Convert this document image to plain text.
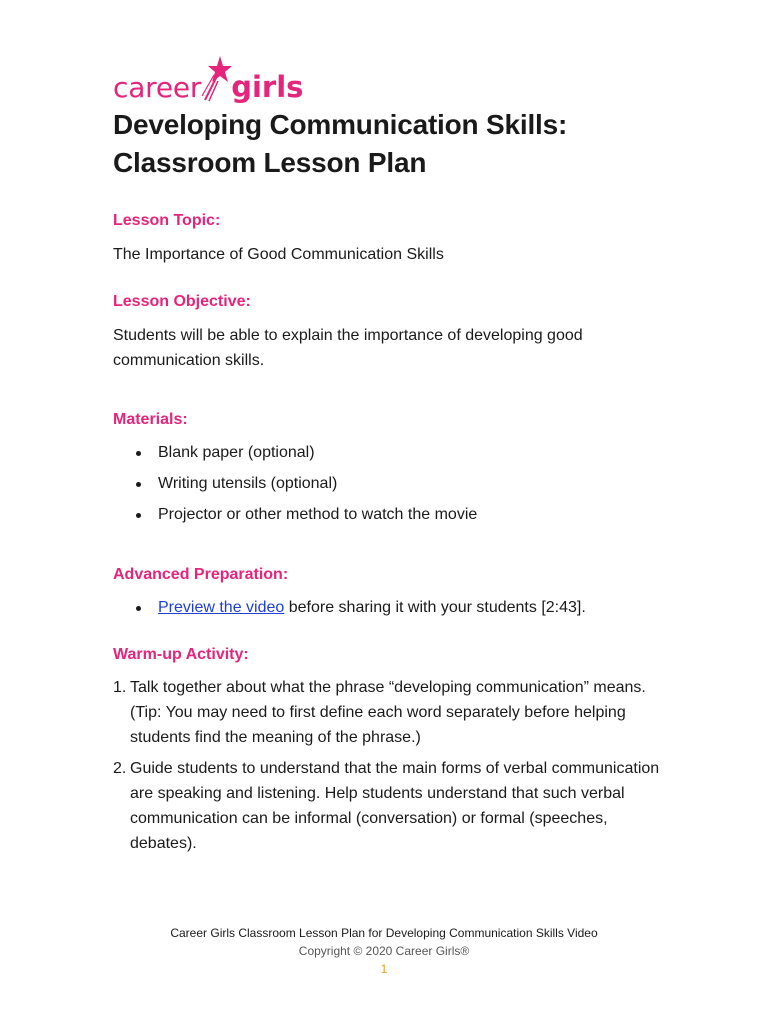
career girls
Developing Communication Skills:
Classroom Lesson Plan
Lesson Topic:
The Importance of Good Communication Skills
Lesson Objective:
Students will be able to explain the importance of developing good communication skills.
Materials:
Blank paper (optional)
Writing utensils (optional)
Projector or other method to watch the movie
Advanced Preparation:
Preview the video before sharing it with your students [2:43].
Warm-up Activity:
1. Talk together about what the phrase “developing communication” means. (Tip: You may need to first define each word separately before helping students find the meaning of the phrase.)
2. Guide students to understand that the main forms of verbal communication are speaking and listening. Help students understand that such verbal communication can be informal (conversation) or formal (speeches, debates).
Career Girls Classroom Lesson Plan for Developing Communication Skills Video
Copyright © 2020 Career Girls®
1
